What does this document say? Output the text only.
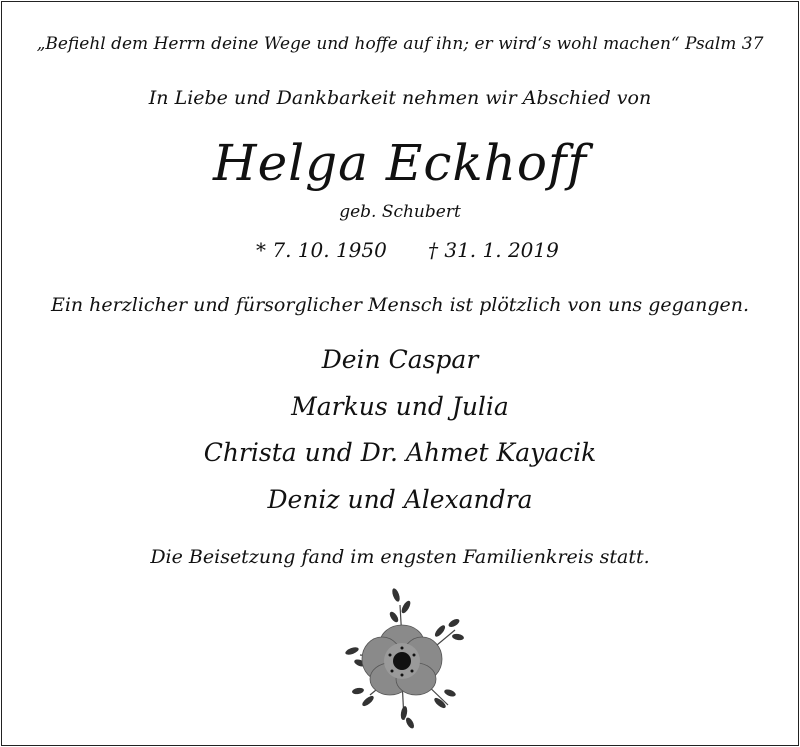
„Befiehl dem Herrn deine Wege und hoffe auf ihn; er wird‘s wohl machen“ Psalm 37
In Liebe und Dankbarkeit nehmen wir Abschied von
Helga Eckhoff
geb. Schubert
* 7. 10. 1950 † 31. 1. 2019
Ein herzlicher und fürsorglicher Mensch ist plötzlich von uns gegangen.
Dein Caspar
Markus und Julia
Christa und Dr. Ahmet Kayacik
Deniz und Alexandra
Die Beisetzung fand im engsten Familienkreis statt.
